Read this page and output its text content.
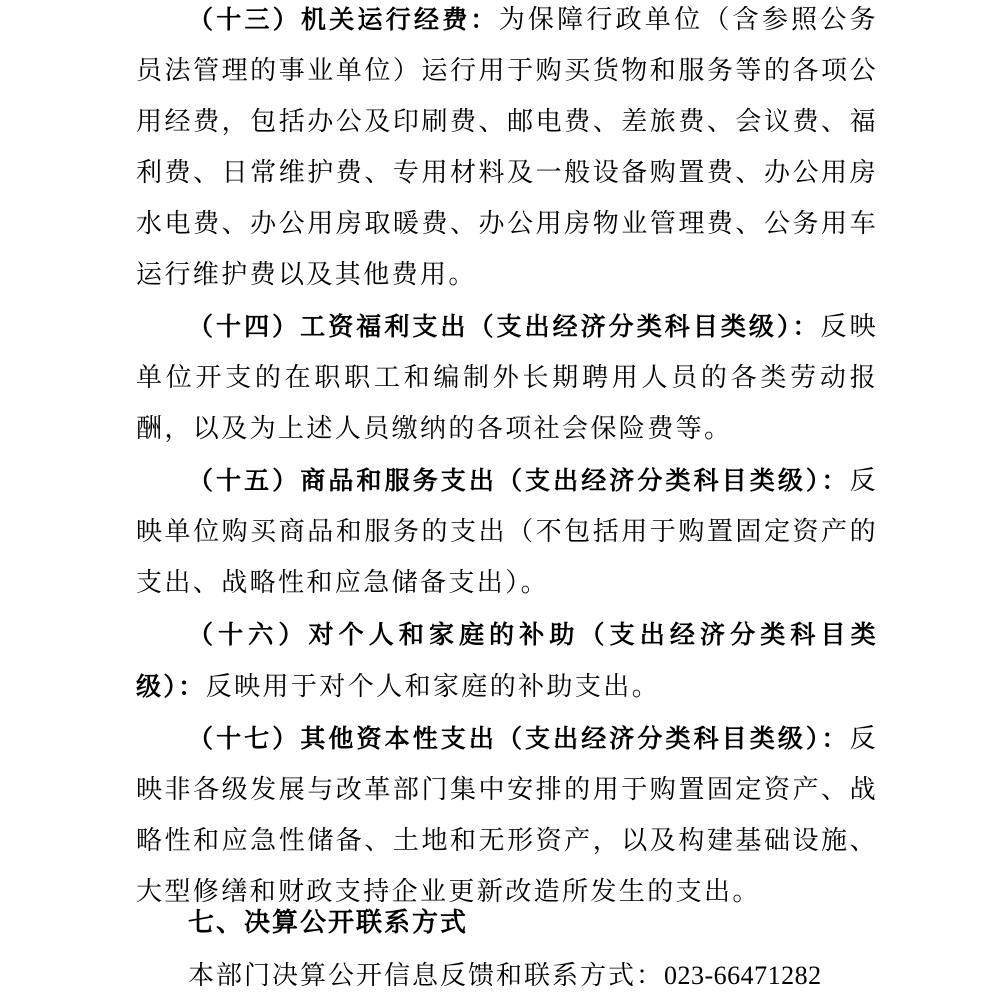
（十三）机关运行经费：为保障行政单位（含参照公务员法管理的事业单位）运行用于购买货物和服务等的各项公用经费，包括办公及印刷费、邮电费、差旅费、会议费、福利费、日常维护费、专用材料及一般设备购置费、办公用房水电费、办公用房取暖费、办公用房物业管理费、公务用车运行维护费以及其他费用。

（十四）工资福利支出（支出经济分类科目类级）：反映单位开支的在职职工和编制外长期聘用人员的各类劳动报酬，以及为上述人员缴纳的各项社会保险费等。

（十五）商品和服务支出（支出经济分类科目类级）：反映单位购买商品和服务的支出（不包括用于购置固定资产的支出、战略性和应急储备支出）。

（十六）对个人和家庭的补助（支出经济分类科目类级）：反映用于对个人和家庭的补助支出。

（十七）其他资本性支出（支出经济分类科目类级）：反映非各级发展与改革部门集中安排的用于购置固定资产、战略性和应急性储备、土地和无形资产，以及构建基础设施、大型修缮和财政支持企业更新改造所发生的支出。

七、决算公开联系方式

本部门决算公开信息反馈和联系方式：023-66471282
